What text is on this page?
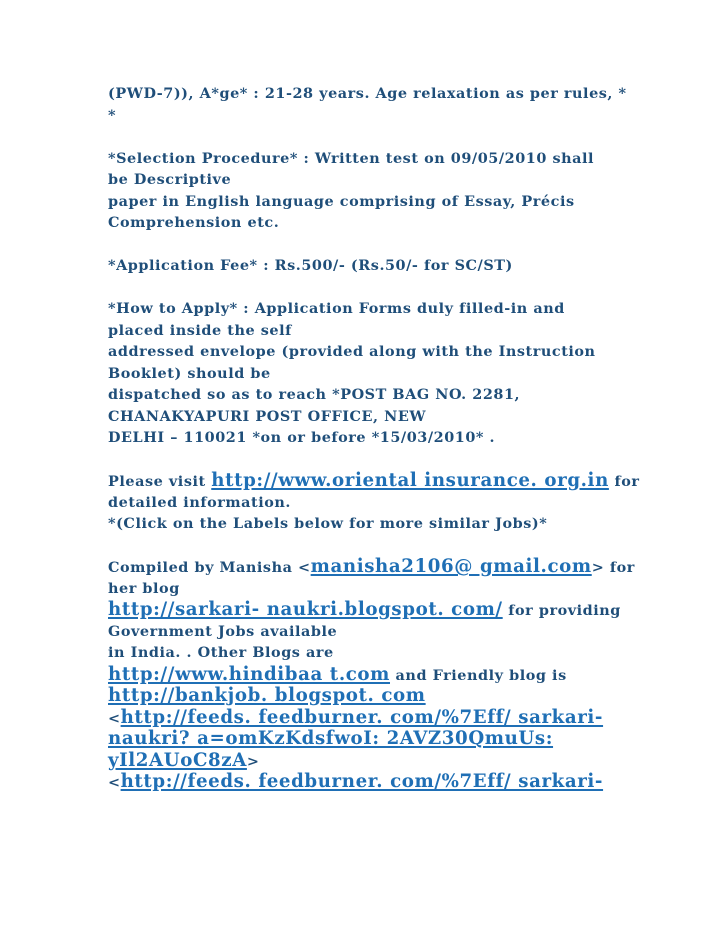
(PWD-7)), A*ge* : 21-28 years. Age relaxation as per rules, *
*
*Selection Procedure* : Written test on 09/05/2010 shall
be Descriptive
paper in English language comprising of Essay, Précis
Comprehension etc.
*Application Fee* : Rs.500/- (Rs.50/- for SC/ST)
*How to Apply* : Application Forms duly filled-in and
placed inside the self
addressed envelope (provided along with the Instruction
Booklet) should be
dispatched so as to reach *POST BAG NO. 2281,
CHANAKYAPURI POST OFFICE, NEW
DELHI – 110021 *on or before *15/03/2010* .
Please visit http://www.oriental insurance. org.in for
detailed information.
*(Click on the Labels below for more similar Jobs)*
Compiled by Manisha <manisha2106@ gmail.com> for
her blog
http://sarkari- naukri.blogspot. com/ for providing
Government Jobs available
in India. . Other Blogs are
http://www.hindibaa t.com and Friendly blog is
http://bankjob. blogspot. com
<http://feeds. feedburner. com/%7Eff/ sarkari-
naukri? a=omKzKdsfwoI: 2AVZ30QmuUs:
yIl2AUoC8zA>
<http://feeds. feedburner. com/%7Eff/ sarkari-
